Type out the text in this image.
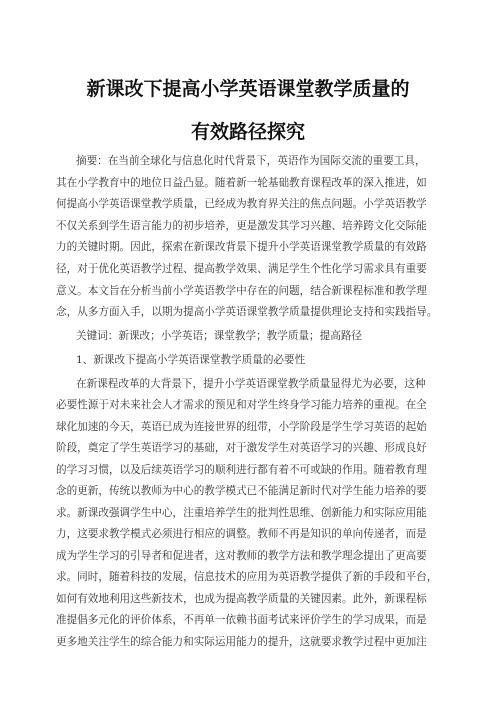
新课改下提高小学英语课堂教学质量的
有效路径探究
摘要：在当前全球化与信息化时代背景下，英语作为国际交流的重要工具，
其在小学教育中的地位日益凸显。随着新一轮基础教育课程改革的深入推进，如
何提高小学英语课堂教学质量，已经成为教育界关注的焦点问题。小学英语教学
不仅关系到学生语言能力的初步培养，更是激发其学习兴趣、培养跨文化交际能
力的关键时期。因此，探索在新课改背景下提升小学英语课堂教学质量的有效路
径，对于优化英语教学过程、提高教学效果、满足学生个性化学习需求具有重要
意义。本文旨在分析当前小学英语教学中存在的问题，结合新课程标准和教学理
念，从多方面入手，以期为提高小学英语课堂教学质量提供理论支持和实践指导。
关键词：新课改；小学英语；课堂教学；教学质量；提高路径
1、新课改下提高小学英语课堂教学质量的必要性
在新课程改革的大背景下，提升小学英语课堂教学质量显得尤为必要，这种
必要性源于对未来社会人才需求的预见和对学生终身学习能力培养的重视。在全
球化加速的今天，英语已成为连接世界的纽带，小学阶段是学生学习英语的起始
阶段，奠定了学生英语学习的基础，对于激发学生对英语学习的兴趣、形成良好
的学习习惯，以及后续英语学习的顺利进行都有着不可或缺的作用。随着教育理
念的更新，传统以教师为中心的教学模式已不能满足新时代对学生能力培养的要
求。新课改强调学生中心，注重培养学生的批判性思维、创新能力和实际应用能
力，这要求教学模式必须进行相应的调整。教师不再是知识的单向传递者，而是
成为学生学习的引导者和促进者，这对教师的教学方法和教学理念提出了更高要
求。同时，随着科技的发展，信息技术的应用为英语教学提供了新的手段和平台，
如何有效地利用这些新技术，也成为提高教学质量的关键因素。此外，新课程标
准提倡多元化的评价体系，不再单一依赖书面考试来评价学生的学习成果，而是
更多地关注学生的综合能力和实际运用能力的提升，这就要求教学过程中更加注
